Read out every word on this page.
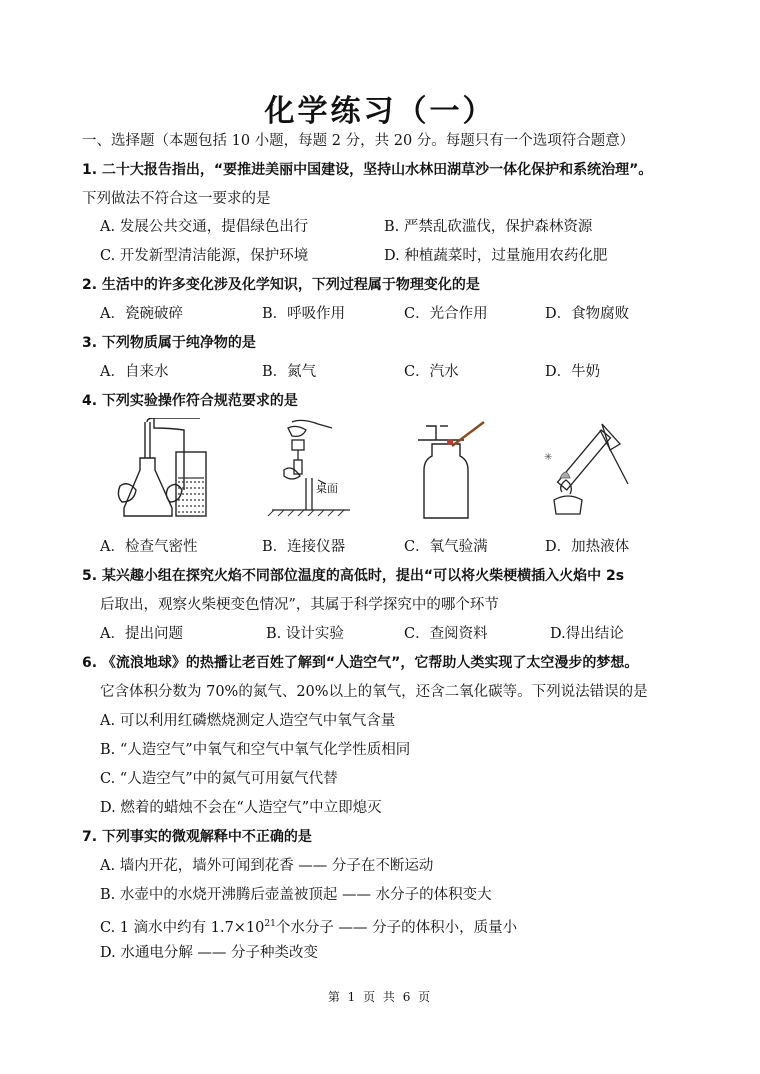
化学练习（一）
一、选择题（本题包括 10 小题，每题 2 分，共 20 分。每题只有一个选项符合题意）
1. 二十大报告指出，“要推进美丽中国建设，坚持山水林田湖草沙一体化保护和系统治理”。
下列做法不符合这一要求的是
A. 发展公共交通，提倡绿色出行	B. 严禁乱砍滥伐，保护森林资源
C. 开发新型清洁能源，保护环境	D. 种植蔬菜时，过量施用农药化肥
2. 生活中的许多变化涉及化学知识，下列过程属于物理变化的是
A．瓷碗破碎	B．呼吸作用	C．光合作用	D．食物腐败
3. 下列物质属于纯净物的是
A．自来水	B．氮气	C．汽水	D．牛奶
4. 下列实验操作符合规范要求的是
桌面
✳
A．检查气密性	B．连接仪器	C．氧气验满	D．加热液体
5. 某兴趣小组在探究火焰不同部位温度的高低时，提出“可以将火柴梗横插入火焰中 2s
后取出，观察火柴梗变色情况”，其属于科学探究中的哪个环节
A．提出问题	B. 设计实验	C．查阅资料	D.得出结论
6. 《流浪地球》的热播让老百姓了解到“人造空气”，它帮助人类实现了太空漫步的梦想。
它含体积分数为 70%的氮气、20%以上的氧气，还含二氧化碳等。下列说法错误的是
A. 可以利用红磷燃烧测定人造空气中氧气含量
B. “人造空气”中氧气和空气中氧气化学性质相同
C. “人造空气”中的氮气可用氨气代替
D. 燃着的蜡烛不会在“人造空气”中立即熄灭
7. 下列事实的微观解释中不正确的是
A. 墙内开花，墙外可闻到花香 —— 分子在不断运动
B. 水壶中的水烧开沸腾后壶盖被顶起 —— 水分子的体积变大
C. 1 滴水中约有 $1.7\times 10^{21}$个水分子 —— 分子的体积小，质量小
D. 水通电分解 —— 分子种类改变
第 1 页 共 6 页
